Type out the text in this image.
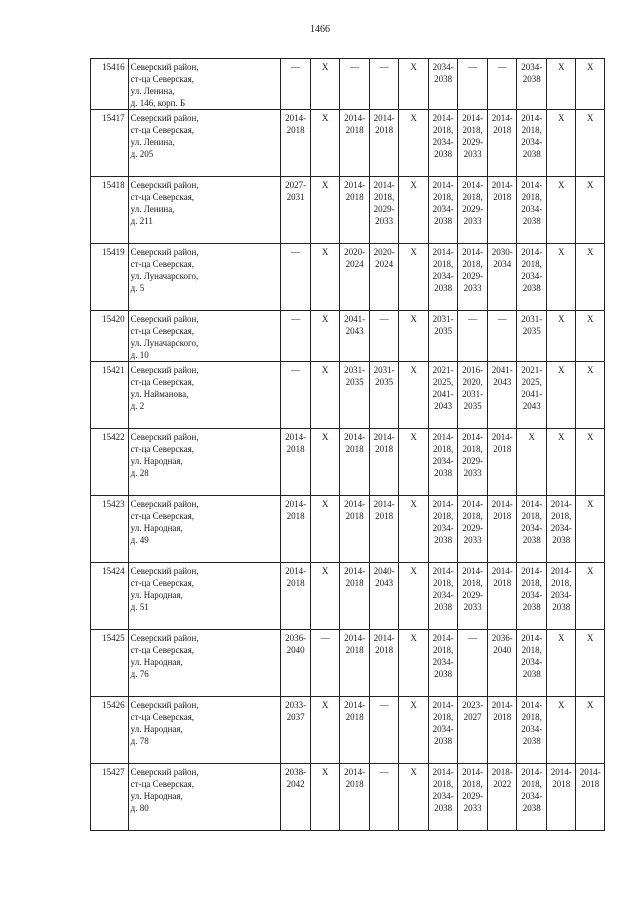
1466
15416	Северский район,
ст-ца Северская,
ул. Ленина,
д. 146, корп. Б	—	Х	—	—	Х	2034-
2038	—	—	2034-
2038	Х	Х

15417	Северский район,
ст-ца Северская,
ул. Ленина,
д. 205	2014-
2018	Х	2014-
2018	2014-
2018	Х	2014-
2018,
2034-
2038	2014-
2018,
2029-
2033	2014-
2018	2014-
2018,
2034-
2038	Х	Х

15418	Северский район,
ст-ца Северская,
ул. Ленина,
д. 211	2027-
2031	Х	2014-
2018	2014-
2018,
2029-
2033	Х	2014-
2018,
2034-
2038	2014-
2018,
2029-
2033	2014-
2018	2014-
2018,
2034-
2038	Х	Х

15419	Северский район,
ст-ца Северская,
ул. Луначарского,
д. 5	—	Х	2020-
2024	2020-
2024	Х	2014-
2018,
2034-
2038	2014-
2018,
2029-
2033	2030-
2034	2014-
2018,
2034-
2038	Х	Х

15420	Северский район,
ст-ца Северская,
ул. Луначарского,
д. 10	—	Х	2041-
2043	—	Х	2031-
2035	—	—	2031-
2035	Х	Х

15421	Северский район,
ст-ца Северская,
ул. Найманова,
д. 2	—	Х	2031-
2035	2031-
2035	Х	2021-
2025,
2041-
2043	2016-
2020,
2031-
2035	2041-
2043	2021-
2025,
2041-
2043	Х	Х

15422	Северский район,
ст-ца Северская,
ул. Народная,
д. 28	2014-
2018	Х	2014-
2018	2014-
2018	Х	2014-
2018,
2034-
2038	2014-
2018,
2029-
2033	2014-
2018	Х	Х	Х

15423	Северский район,
ст-ца Северская,
ул. Народная,
д. 49	2014-
2018	Х	2014-
2018	2014-
2018	Х	2014-
2018,
2034-
2038	2014-
2018,
2029-
2033	2014-
2018	2014-
2018,
2034-
2038	2014-
2018,
2034-
2038	Х

15424	Северский район,
ст-ца Северская,
ул. Народная,
д. 51	2014-
2018	Х	2014-
2018	2040-
2043	Х	2014-
2018,
2034-
2038	2014-
2018,
2029-
2033	2014-
2018	2014-
2018,
2034-
2038	2014-
2018,
2034-
2038	Х

15425	Северский район,
ст-ца Северская,
ул. Народная,
д. 76	2036-
2040	—	2014-
2018	2014-
2018	Х	2014-
2018,
2034-
2038	—	2036-
2040	2014-
2018,
2034-
2038	Х	Х

15426	Северский район,
ст-ца Северская,
ул. Народная,
д. 78	2033-
2037	Х	2014-
2018	—	Х	2014-
2018,
2034-
2038	2023-
2027	2014-
2018	2014-
2018,
2034-
2038	Х	Х

15427	Северский район,
ст-ца Северская,
ул. Народная,
д. 80	2038-
2042	Х	2014-
2018	—	Х	2014-
2018,
2034-
2038	2014-
2018,
2029-
2033	2018-
2022	2014-
2018,
2034-
2038	2014-
2018	2014-
2018
